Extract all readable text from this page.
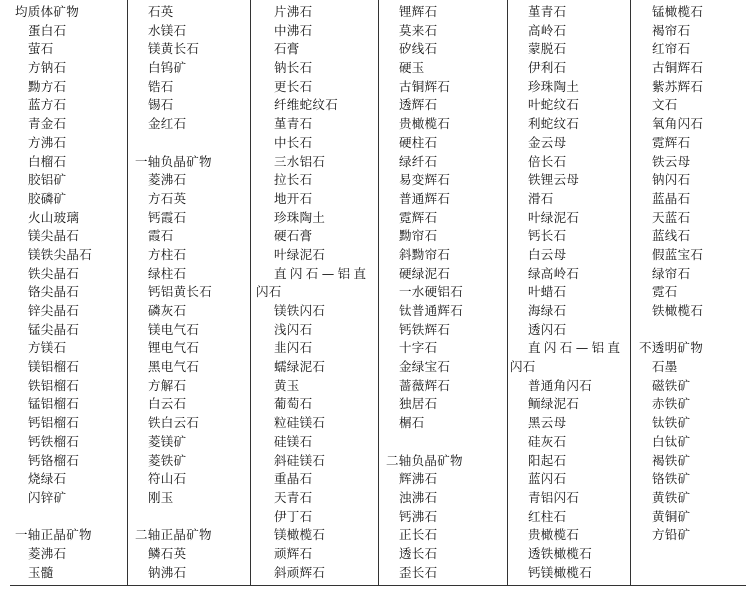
均质体矿物
蛋白石
萤石
方钠石
黝方石
蓝方石
青金石
方沸石
白榴石
胶铝矿
胶磷矿
火山玻璃
镁尖晶石
镁铁尖晶石
铁尖晶石
铬尖晶石
锌尖晶石
锰尖晶石
方镁石
镁铝榴石
铁铝榴石
锰铝榴石
钙铝榴石
钙铁榴石
钙铬榴石
烧绿石
闪锌矿
一轴正晶矿物
菱沸石
玉髓
石英
水镁石
镁黄长石
白钨矿
锆石
锡石
金红石
一轴负晶矿物
菱沸石
方石英
钙霞石
霞石
方柱石
绿柱石
钙铝黄长石
磷灰石
镁电气石
锂电气石
黑电气石
方解石
白云石
铁白云石
菱镁矿
菱铁矿
符山石
刚玉
二轴正晶矿物
鳞石英
钠沸石
片沸石
中沸石
石膏
钠长石
更长石
纤维蛇纹石
堇青石
中长石
三水铝石
拉长石
地开石
珍珠陶土
硬石膏
叶绿泥石
直闪石—铝直
闪石
镁铁闪石
浅闪石
韭闪石
蠕绿泥石
黄玉
葡萄石
粒硅镁石
硅镁石
斜硅镁石
重晶石
天青石
伊丁石
镁橄榄石
顽辉石
斜顽辉石
锂辉石
莫来石
矽线石
硬玉
古铜辉石
透辉石
贵橄榄石
硬柱石
绿纤石
易变辉石
普通辉石
霓辉石
黝帘石
斜黝帘石
硬绿泥石
一水硬铝石
钛普通辉石
钙铁辉石
十字石
金绿宝石
蔷薇辉石
独居石
榍石
二轴负晶矿物
辉沸石
浊沸石
钙沸石
正长石
透长石
歪长石
堇青石
高岭石
蒙脱石
伊利石
珍珠陶土
叶蛇纹石
利蛇纹石
金云母
倍长石
铁锂云母
滑石
叶绿泥石
钙长石
白云母
绿高岭石
叶蜡石
海绿石
透闪石
直闪石—铝直
闪石
普通角闪石
鲕绿泥石
黑云母
硅灰石
阳起石
蓝闪石
青铝闪石
红柱石
贵橄榄石
透铁橄榄石
钙镁橄榄石
锰橄榄石
褐帘石
红帘石
古铜辉石
紫苏辉石
文石
氧角闪石
霓辉石
铁云母
钠闪石
蓝晶石
天蓝石
蓝线石
假蓝宝石
绿帘石
霓石
铁橄榄石
不透明矿物
石墨
磁铁矿
赤铁矿
钛铁矿
白钛矿
褐铁矿
铬铁矿
黄铁矿
黄铜矿
方铅矿
